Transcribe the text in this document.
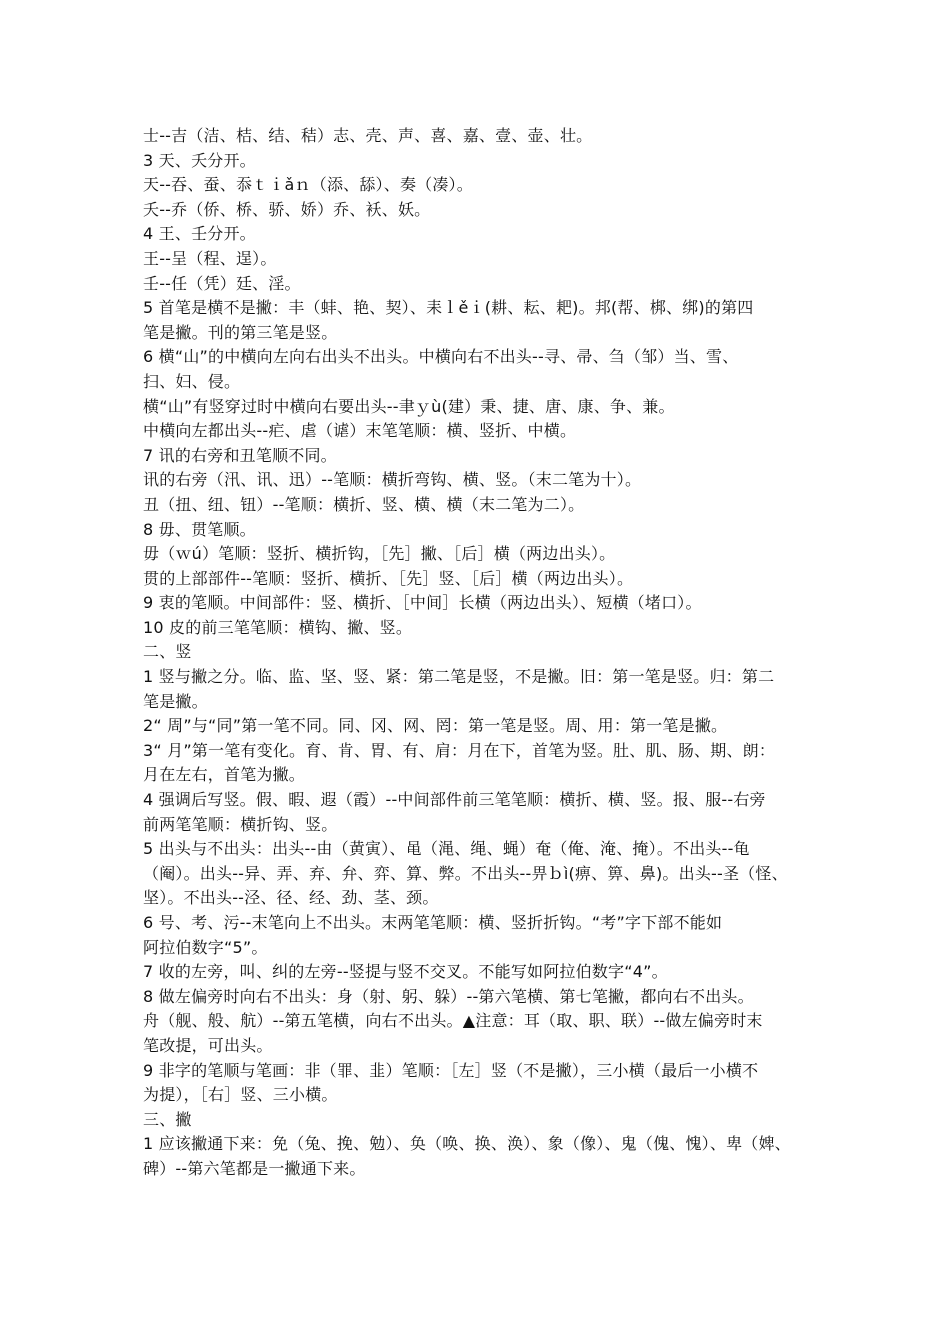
士--吉（洁、桔、结、秸）志、壳、声、喜、嘉、壹、壶、壮。
3 天、夭分开。
天--吞、蚕、忝ｔｉǎｎ（添、舔）、奏（凑）。
夭--乔（侨、桥、骄、娇）乔、袄、妖。
4 王、壬分开。
王--呈（程、逞）。
壬--任（凭）廷、淫。
5 首笔是横不是撇：丰（蚌、艳、契）、耒ｌěｉ(耕、耘、耙)。邦(帮、梆、绑)的第四
笔是撇。刊的第三笔是竖。
6 横“山”的中横向左向右出头不出头。中横向右不出头--寻、帚、刍（邹）当、雪、
扫、妇、侵。
横“山”有竖穿过时中横向右要出头--聿ｙù(建）秉、捷、唐、康、争、兼。
中横向左都出头--疟、虐（谑）末笔笔顺：横、竖折、中横。
7 讯的右旁和丑笔顺不同。
讯的右旁（汛、讯、迅）--笔顺：横折弯钩、横、竖。（末二笔为十）。
丑（扭、纽、钮）--笔顺：横折、竖、横、横（末二笔为二）。
8 毋、贯笔顺。
毋（ｗú）笔顺：竖折、横折钩，［先］撇、［后］横（两边出头）。
贯的上部部件--笔顺：竖折、横折、［先］竖、［后］横（两边出头）。
9 衷的笔顺。中间部件：竖、横折、［中间］长横（两边出头）、短横（堵口）。
10 皮的前三笔笔顺：横钩、撇、竖。
二、竖
1 竖与撇之分。临、监、坚、竖、紧：第二笔是竖，不是撇。旧：第一笔是竖。归：第二
笔是撇。
2“ 周”与“同”第一笔不同。同、冈、网、罔：第一笔是竖。周、用：第一笔是撇。
3“ 月”第一笔有变化。育、肯、胃、有、肩：月在下，首笔为竖。肚、肌、肠、期、朗：
月在左右，首笔为撇。
4 强调后写竖。假、暇、遐（霞）--中间部件前三笔笔顺：横折、横、竖。报、服--右旁
前两笔笔顺：横折钩、竖。
5 出头与不出头：出头--由（黄寅）、黾（渑、绳、蝇）奄（俺、淹、掩）。不出头--龟
（阉）。出头--异、弄、弃、弁、弈、算、弊。不出头--畀ｂì(痹、箅、鼻)。出头--圣（怪、
坚）。不出头--泾、径、经、劲、茎、颈。
6 号、考、污--末笔向上不出头。末两笔笔顺：横、竖折折钩。“考”字下部不能如
阿拉伯数字“5”。
7 收的左旁，叫、纠的左旁--竖提与竖不交叉。不能写如阿拉伯数字“4”。
8 做左偏旁时向右不出头：身（射、躬、躲）--第六笔横、第七笔撇，都向右不出头。
舟（舰、般、航）--第五笔横，向右不出头。▲注意：耳（取、职、联）--做左偏旁时末
笔改提，可出头。
9 非字的笔顺与笔画：非（罪、韭）笔顺：［左］竖（不是撇），三小横（最后一小横不
为提），［右］竖、三小横。
三、撇
1 应该撇通下来：免（兔、挽、勉）、奂（唤、换、涣）、象（像）、鬼（傀、愧）、卑（婢、
碑）--第六笔都是一撇通下来。
